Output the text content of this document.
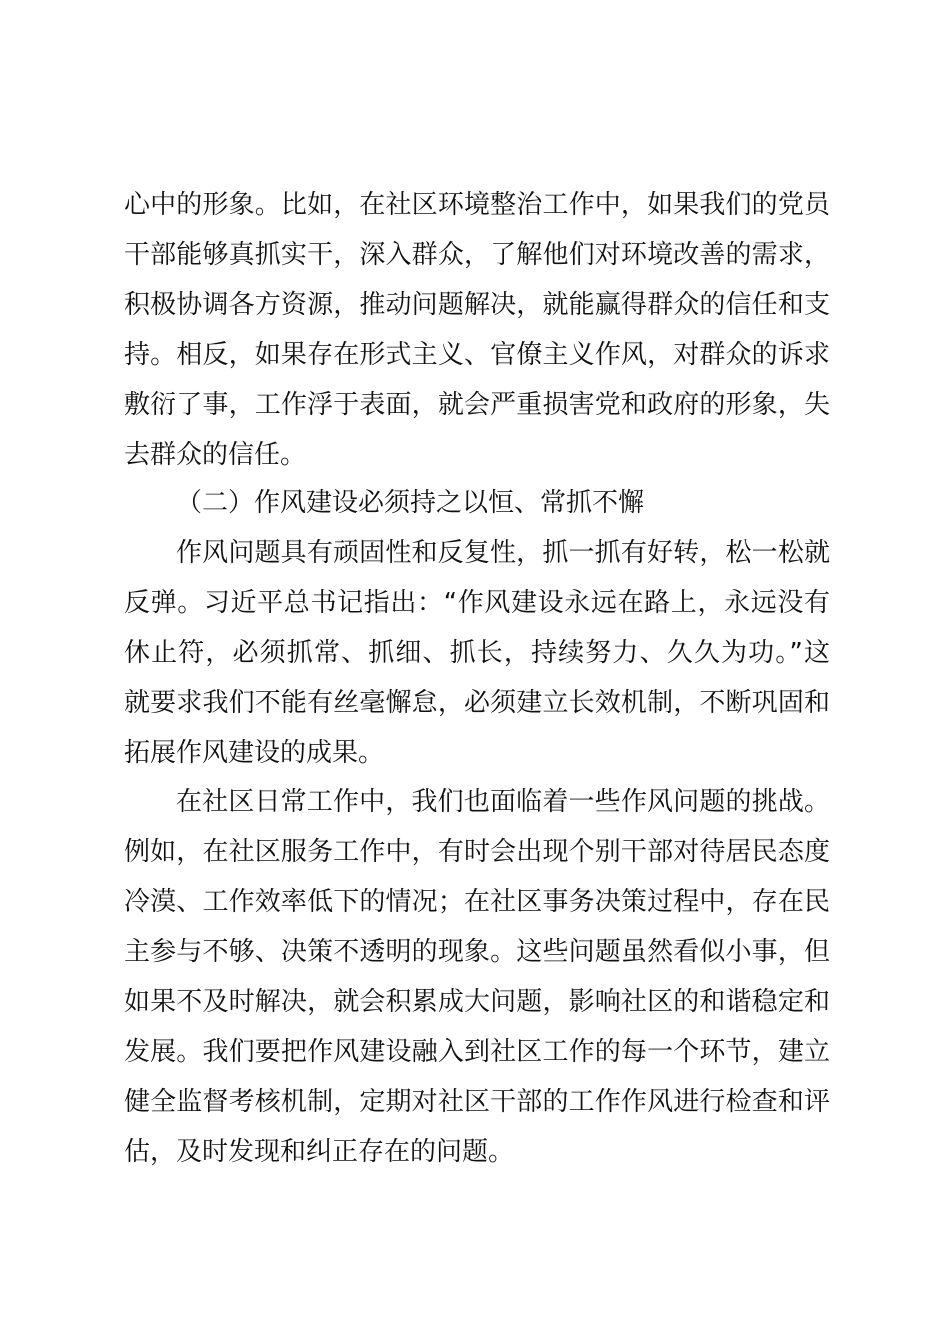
心中的形象。比如，在社区环境整治工作中，如果我们的党员
干部能够真抓实干，深入群众，了解他们对环境改善的需求，
积极协调各方资源，推动问题解决，就能赢得群众的信任和支
持。相反，如果存在形式主义、官僚主义作风，对群众的诉求
敷衍了事，工作浮于表面，就会严重损害党和政府的形象，失
去群众的信任。
（二）作风建设必须持之以恒、常抓不懈
作风问题具有顽固性和反复性，抓一抓有好转，松一松就
反弹。习近平总书记指出：“作风建设永远在路上，永远没有
休止符，必须抓常、抓细、抓长，持续努力、久久为功。”这
就要求我们不能有丝毫懈怠，必须建立长效机制，不断巩固和
拓展作风建设的成果。
在社区日常工作中，我们也面临着一些作风问题的挑战。
例如，在社区服务工作中，有时会出现个别干部对待居民态度
冷漠、工作效率低下的情况；在社区事务决策过程中，存在民
主参与不够、决策不透明的现象。这些问题虽然看似小事，但
如果不及时解决，就会积累成大问题，影响社区的和谐稳定和
发展。我们要把作风建设融入到社区工作的每一个环节，建立
健全监督考核机制，定期对社区干部的工作作风进行检查和评
估，及时发现和纠正存在的问题。
